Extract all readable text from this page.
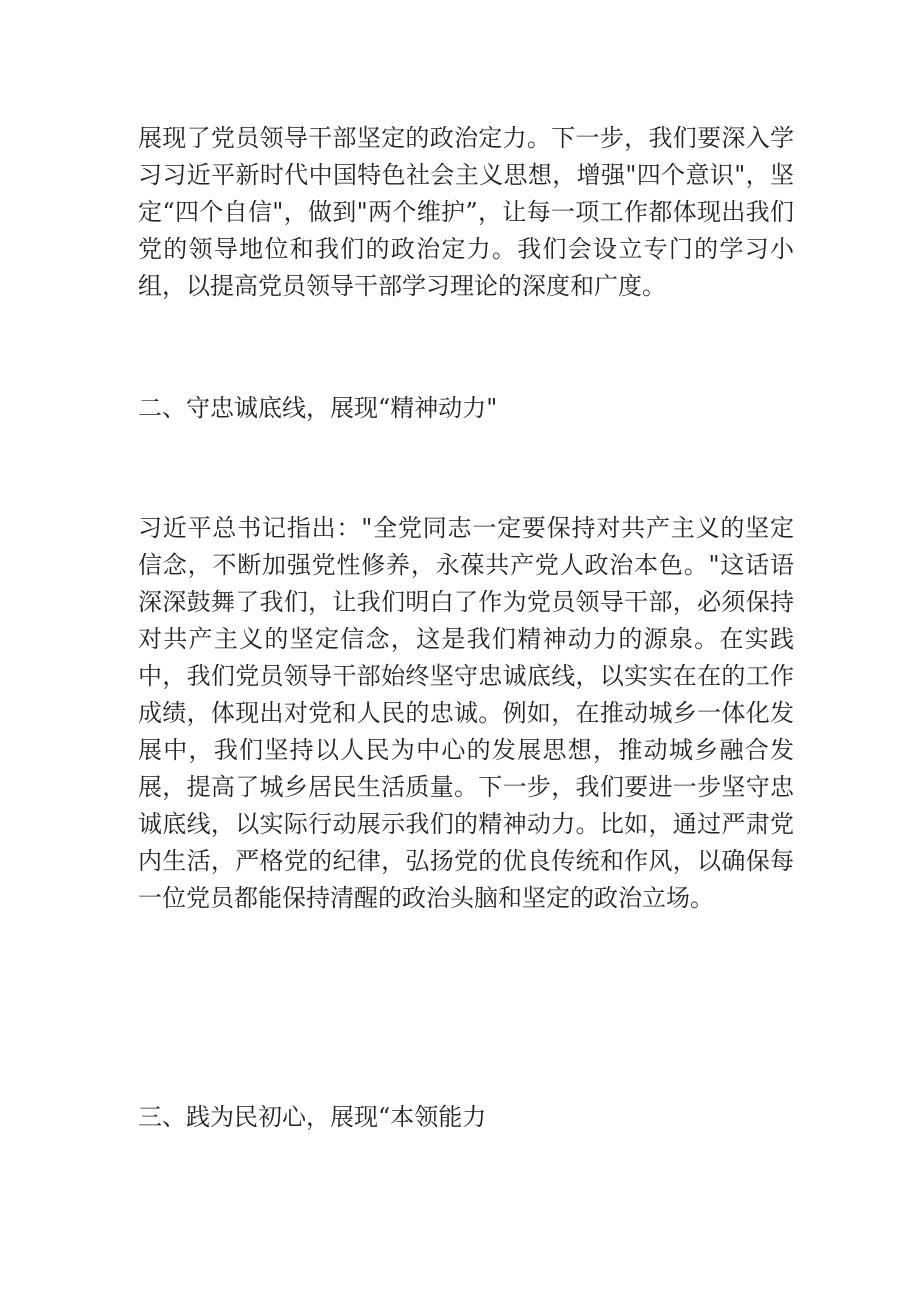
展现了党员领导干部坚定的政治定力。下一步，我们要深入学习习近平新时代中国特色社会主义思想，增强"四个意识"，坚定“四个自信"，做到"两个维护”，让每一项工作都体现出我们党的领导地位和我们的政治定力。我们会设立专门的学习小组，以提高党员领导干部学习理论的深度和广度。

二、守忠诚底线，展现“精神动力"

习近平总书记指出："全党同志一定要保持对共产主义的坚定信念，不断加强党性修养，永葆共产党人政治本色。"这话语深深鼓舞了我们，让我们明白了作为党员领导干部，必须保持对共产主义的坚定信念，这是我们精神动力的源泉。在实践中，我们党员领导干部始终坚守忠诚底线，以实实在在的工作成绩，体现出对党和人民的忠诚。例如，在推动城乡一体化发展中，我们坚持以人民为中心的发展思想，推动城乡融合发展，提高了城乡居民生活质量。下一步，我们要进一步坚守忠诚底线，以实际行动展示我们的精神动力。比如，通过严肃党内生活，严格党的纪律，弘扬党的优良传统和作风，以确保每一位党员都能保持清醒的政治头脑和坚定的政治立场。

三、践为民初心，展现“本领能力
